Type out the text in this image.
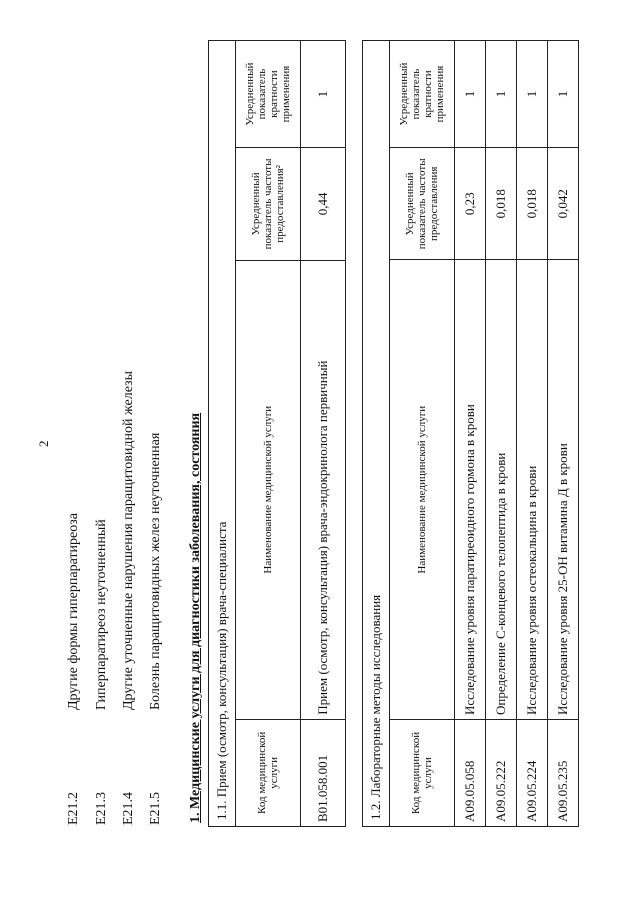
2
E21.2
Другие формы гиперпаратиреоза
E21.3
Гиперпаратиреоз неуточненный
E21.4
Другие уточненные нарушения паращитовидной железы
E21.5
Болезнь паращитовидных желез неуточненная 1. Медицинские услуги для диагностики заболевания, состояния 1.1. Прием (осмотр, консультация) врача-специалиста			
Код медицинской услуги	Наименование медицинской услуги	Усредненный показатель частоты предоставления²	Усредненный показатель кратности применения
B01.058.001	Прием (осмотр, консультация) врача-эндокринолога первичный	0,44	1
1.2. Лабораторные методы исследования			
Код медицинской услуги	Наименование медицинской услуги	Усредненный показатель частоты предоставления	Усредненный показатель кратности применения
A09.05.058	Исследование уровня паратиреоидного гормона в крови	0,23	1
A09.05.222	Определение С-концевого телопептида в крови	0,018	1
A09.05.224	Исследование уровня остеокальцина в крови	0,018	1
A09.05.235	Исследование уровня 25-ОН витамина Д в крови	0,042	1
